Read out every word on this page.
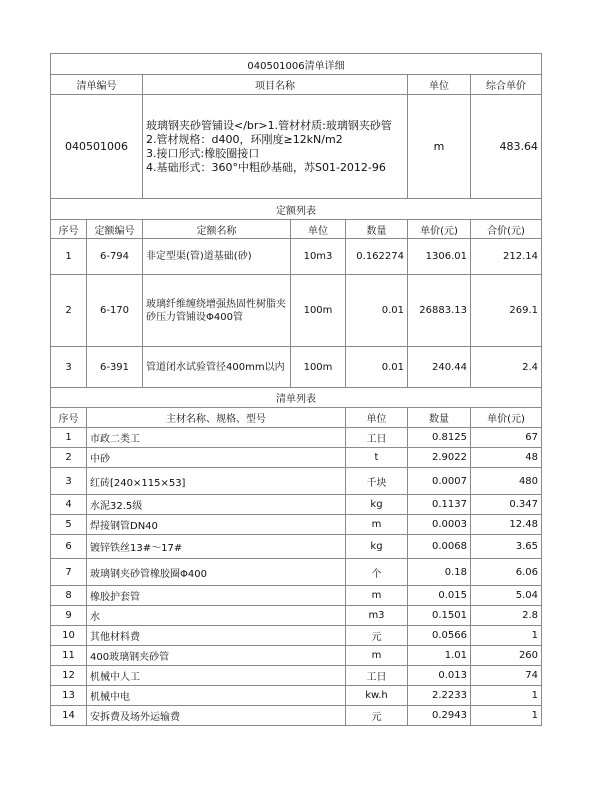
040501006清单详细							
清单编号		项目名称			单位	综合单价	
040501006		玻璃钢夹砂管铺设</br>1.管材材质:玻璃钢夹砂管
2.管材规格：d400，环刚度≥12kN/m2
3.接口形式:橡胶圈接口
4.基础形式：360°中粗砂基础，苏S01-2012-96			m	483.64	
定额列表							
序号	定额编号	定额名称	单位	数量	单价(元)	合价(元)	
1	6-794	非定型渠(管)道基础(砂)	10m3	0.162274	1306.01	212.14	
2	6-170	玻璃纤维缠绕增强热固性树脂夹砂压力管铺设Φ400管	100m	0.01	26883.13	269.1	
3	6-391	管道闭水试验管径400mm以内	100m	0.01	240.44	2.4	
清单列表							
序号	主材名称、规格、型号			单位	数量	单价(元)	
1	市政二类工			工日	0.8125	67	
2	中砂			t	2.9022	48	
3	红砖[240×115×53]			千块	0.0007	480	
4	水泥32.5级			kg	0.1137	0.347	
5	焊接钢管DN40			m	0.0003	12.48	
6	镀锌铁丝13#～17#			kg	0.0068	3.65	
7	玻璃钢夹砂管橡胶圈Φ400			个	0.18	6.06	
8	橡胶护套管			m	0.015	5.04	
9	水			m3	0.1501	2.8	
10	其他材料费			元	0.0566	1	
11	400玻璃钢夹砂管			m	1.01	260	
12	机械中人工			工日	0.013	74	
13	机械中电			kw.h	2.2233	1	
14	安拆费及场外运输费			元	0.2943	1	
